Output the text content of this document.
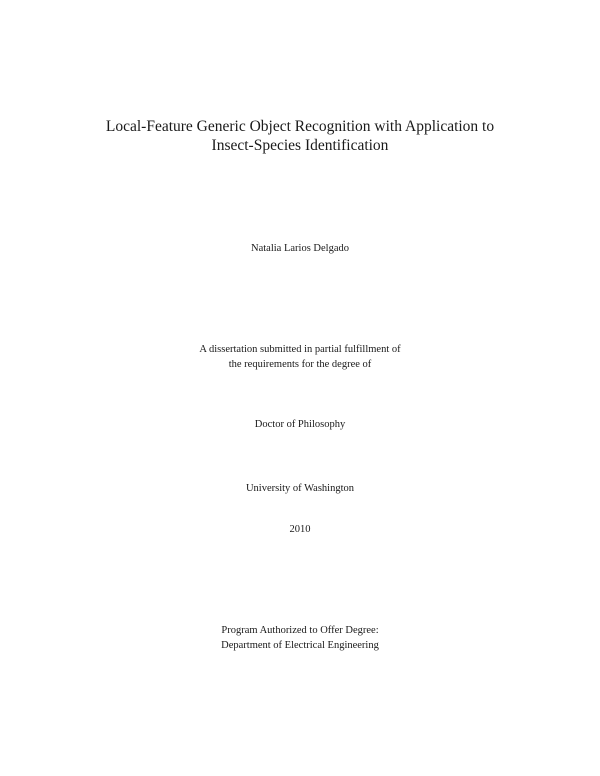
Local-Feature Generic Object Recognition with Application to
Insect-Species Identification
Natalia Larios Delgado
A dissertation submitted in partial fulfillment of
the requirements for the degree of
Doctor of Philosophy
University of Washington
2010
Program Authorized to Offer Degree:
Department of Electrical Engineering
